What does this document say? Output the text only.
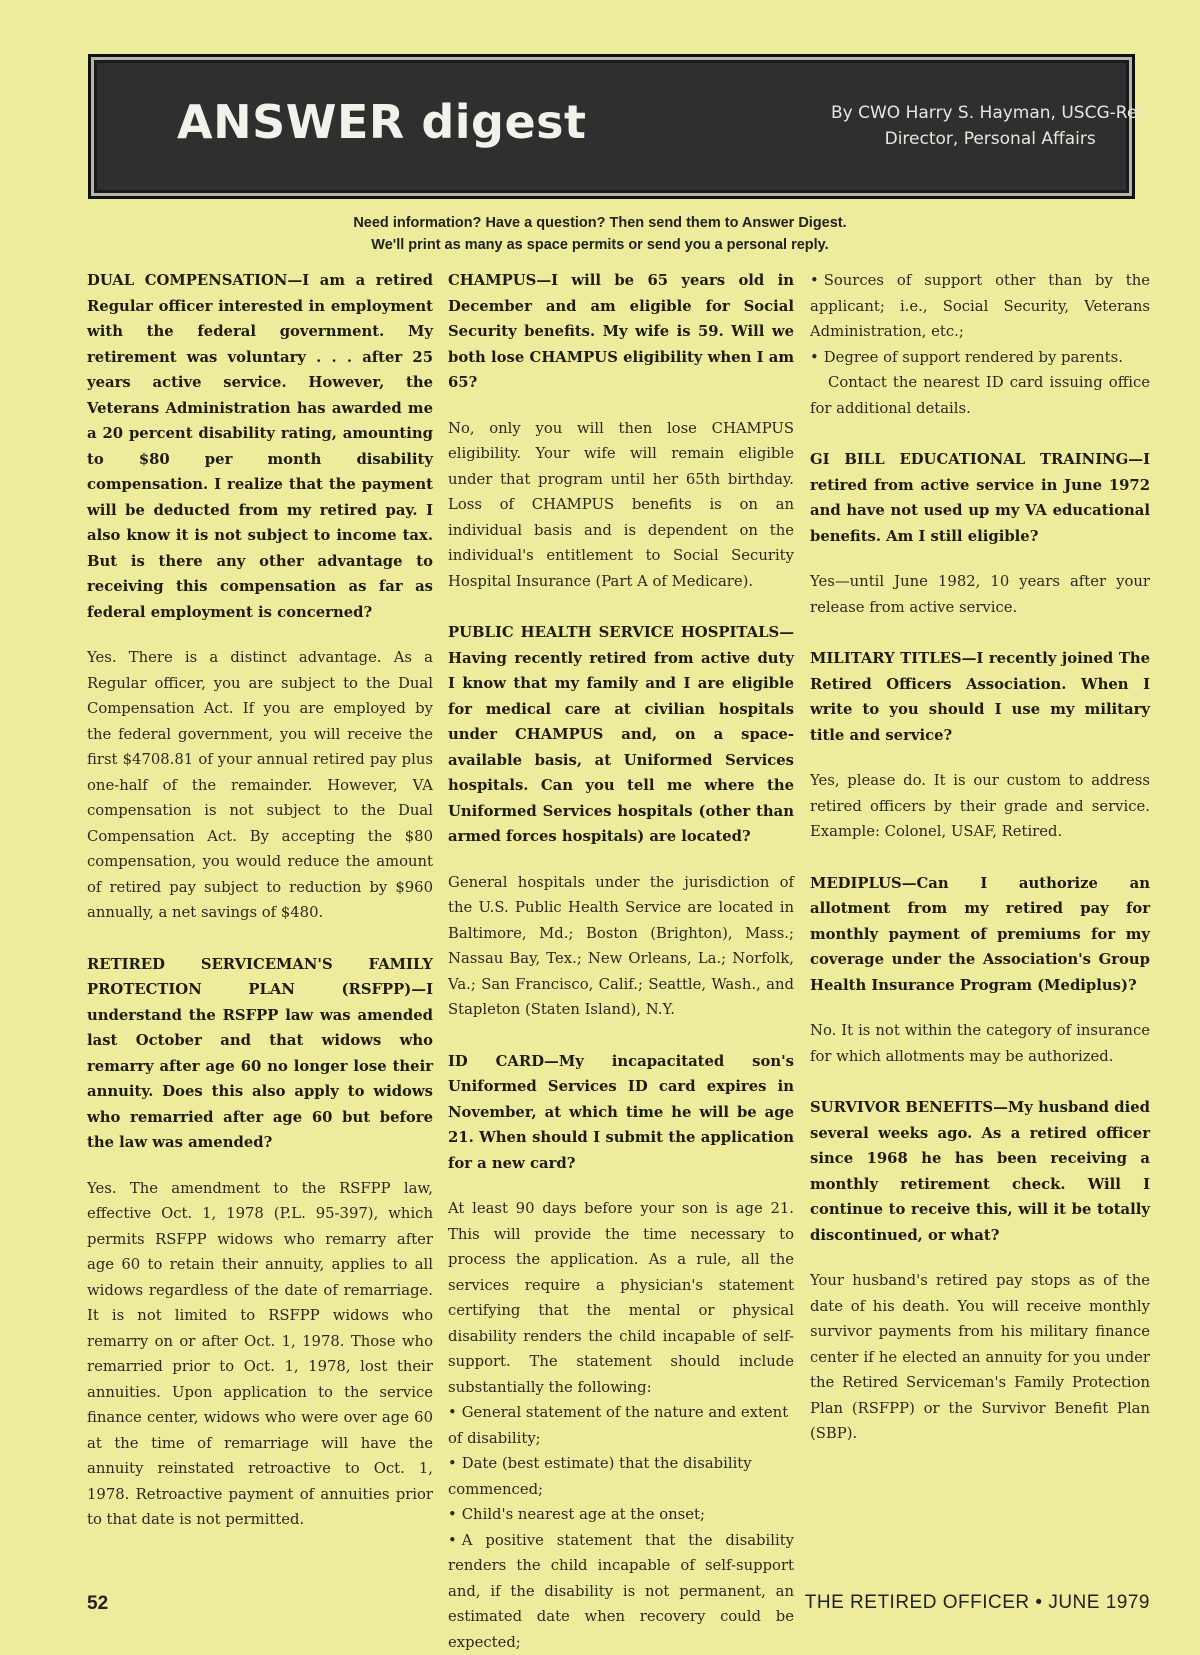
ANSWER digest	By CWO Harry S. Hayman, USCG-Ret.
Director, Personal Affairs
Need information? Have a question? Then send them to Answer Digest.
We'll print as many as space permits or send you a personal reply.

DUAL COMPENSATION—I am a retired Regular officer interested in employment with the federal government. My retirement was voluntary . . . after 25 years active service. However, the Veterans Administration has awarded me a 20 percent disability rating, amounting to $80 per month disability compensation. I realize that the payment will be deducted from my retired pay. I also know it is not subject to income tax. But is there any other advantage to receiving this compensation as far as federal employment is concerned?

Yes. There is a distinct advantage. As a Regular officer, you are subject to the Dual Compensation Act. If you are employed by the federal government, you will receive the first $4708.81 of your annual retired pay plus one-half of the remainder. However, VA compensation is not subject to the Dual Compensation Act. By accepting the $80 compensation, you would reduce the amount of retired pay subject to reduction by $960 annually, a net savings of $480.

RETIRED SERVICEMAN'S FAMILY PROTECTION PLAN (RSFPP)—I understand the RSFPP law was amended last October and that widows who remarry after age 60 no longer lose their annuity. Does this also apply to widows who remarried after age 60 but before the law was amended?

Yes. The amendment to the RSFPP law, effective Oct. 1, 1978 (P.L. 95-397), which permits RSFPP widows who remarry after age 60 to retain their annuity, applies to all widows regardless of the date of remarriage. It is not limited to RSFPP widows who remarry on or after Oct. 1, 1978. Those who remarried prior to Oct. 1, 1978, lost their annuities. Upon application to the service finance center, widows who were over age 60 at the time of remarriage will have the annuity reinstated retroactive to Oct. 1, 1978. Retroactive payment of annuities prior to that date is not permitted.

CHAMPUS—I will be 65 years old in December and am eligible for Social Security benefits. My wife is 59. Will we both lose CHAMPUS eligibility when I am 65?

No, only you will then lose CHAMPUS eligibility. Your wife will remain eligible under that program until her 65th birthday. Loss of CHAMPUS benefits is on an individual basis and is dependent on the individual's entitlement to Social Security Hospital Insurance (Part A of Medicare).

PUBLIC HEALTH SERVICE HOSPITALS—Having recently retired from active duty I know that my family and I are eligible for medical care at civilian hospitals under CHAMPUS and, on a space-available basis, at Uniformed Services hospitals. Can you tell me where the Uniformed Services hospitals (other than armed forces hospitals) are located?

General hospitals under the jurisdiction of the U.S. Public Health Service are located in Baltimore, Md.; Boston (Brighton), Mass.; Nassau Bay, Tex.; New Orleans, La.; Norfolk, Va.; San Francisco, Calif.; Seattle, Wash., and Stapleton (Staten Island), N.Y.

ID CARD—My incapacitated son's Uniformed Services ID card expires in November, at which time he will be age 21. When should I submit the application for a new card?

At least 90 days before your son is age 21. This will provide the time necessary to process the application. As a rule, all the services require a physician's statement certifying that the mental or physical disability renders the child incapable of self-support. The statement should include substantially the following:

• General statement of the nature and extent of disability;

• Date (best estimate) that the disability commenced;

• Child's nearest age at the onset;

• A positive statement that the disability renders the child incapable of self-support and, if the disability is not permanent, an estimated date when recovery could be expected;

• Sources of support other than by the applicant; i.e., Social Security, Veterans Administration, etc.;

• Degree of support rendered by parents.

Contact the nearest ID card issuing office for additional details.

GI BILL EDUCATIONAL TRAINING—I retired from active service in June 1972 and have not used up my VA educational benefits. Am I still eligible?

Yes—until June 1982, 10 years after your release from active service.

MILITARY TITLES—I recently joined The Retired Officers Association. When I write to you should I use my military title and service?

Yes, please do. It is our custom to address retired officers by their grade and service. Example: Colonel, USAF, Retired.

MEDIPLUS—Can I authorize an allotment from my retired pay for monthly payment of premiums for my coverage under the Association's Group Health Insurance Program (Mediplus)?

No. It is not within the category of insurance for which allotments may be authorized.

SURVIVOR BENEFITS—My husband died several weeks ago. As a retired officer since 1968 he has been receiving a monthly retirement check. Will I continue to receive this, will it be totally discontinued, or what?

Your husband's retired pay stops as of the date of his death. You will receive monthly survivor payments from his military finance center if he elected an annuity for you under the Retired Serviceman's Family Protection Plan (RSFPP) or the Survivor Benefit Plan (SBP).

52	THE RETIRED OFFICER • JUNE 1979
